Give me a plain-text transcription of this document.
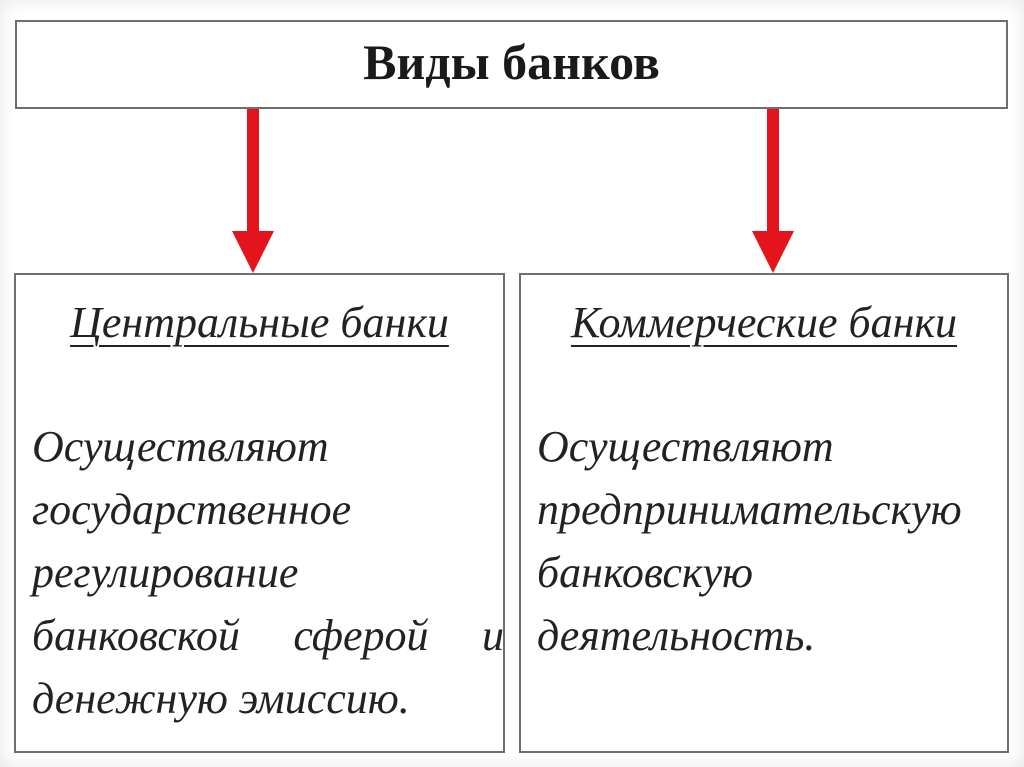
Виды банков
Центральные банки
Осуществляют
государственное
регулирование
банковской сферой и
денежную эмиссию.
Коммерческие банки
Осуществляют
предпринимательскую
банковскую
деятельность.
